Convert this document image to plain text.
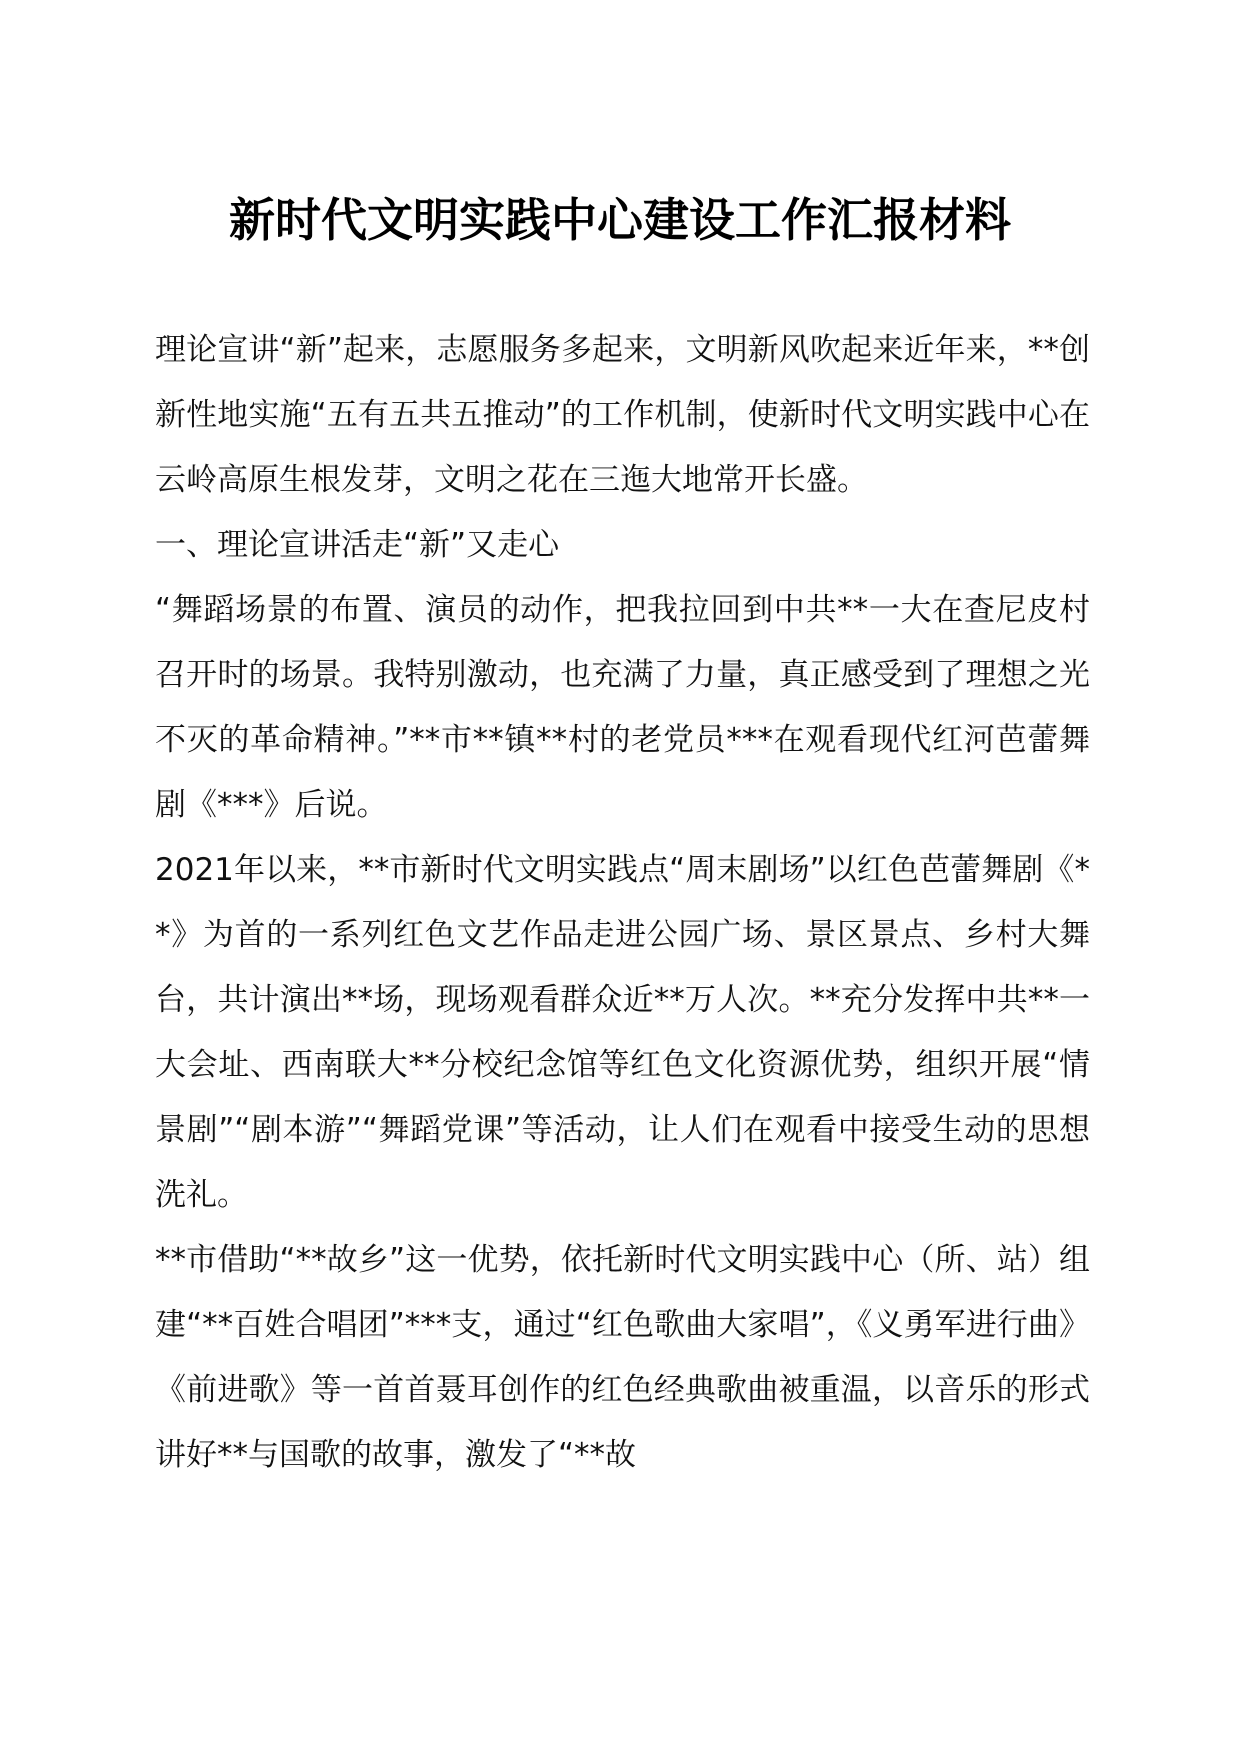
新时代文明实践中心建设工作汇报材料

理论宣讲“新”起来，志愿服务多起来，文明新风吹起来近年来，**创新性地实施“五有五共五推动”的工作机制，使新时代文明实践中心在云岭高原生根发芽，文明之花在三迤大地常开长盛。

一、理论宣讲活走“新”又走心

“舞蹈场景的布置、演员的动作，把我拉回到中共**一大在查尼皮村召开时的场景。我特别激动，也充满了力量，真正感受到了理想之光不灭的革命精神。”**市**镇**村的老党员***在观看现代红河芭蕾舞剧《***》后说。

2021年以来，**市新时代文明实践点“周末剧场”以红色芭蕾舞剧《**》为首的一系列红色文艺作品走进公园广场、景区景点、乡村大舞台，共计演出**场，现场观看群众近**万人次。**充分发挥中共**一大会址、西南联大**分校纪念馆等红色文化资源优势，组织开展“情景剧”“剧本游”“舞蹈党课”等活动，让人们在观看中接受生动的思想洗礼。

**市借助“**故乡”这一优势，依托新时代文明实践中心（所、站）组建“**百姓合唱团”***支，通过“红色歌曲大家唱”，《义勇军进行曲》《前进歌》等一首首聂耳创作的红色经典歌曲被重温，以音乐的形式讲好**与国歌的故事，激发了“**故
